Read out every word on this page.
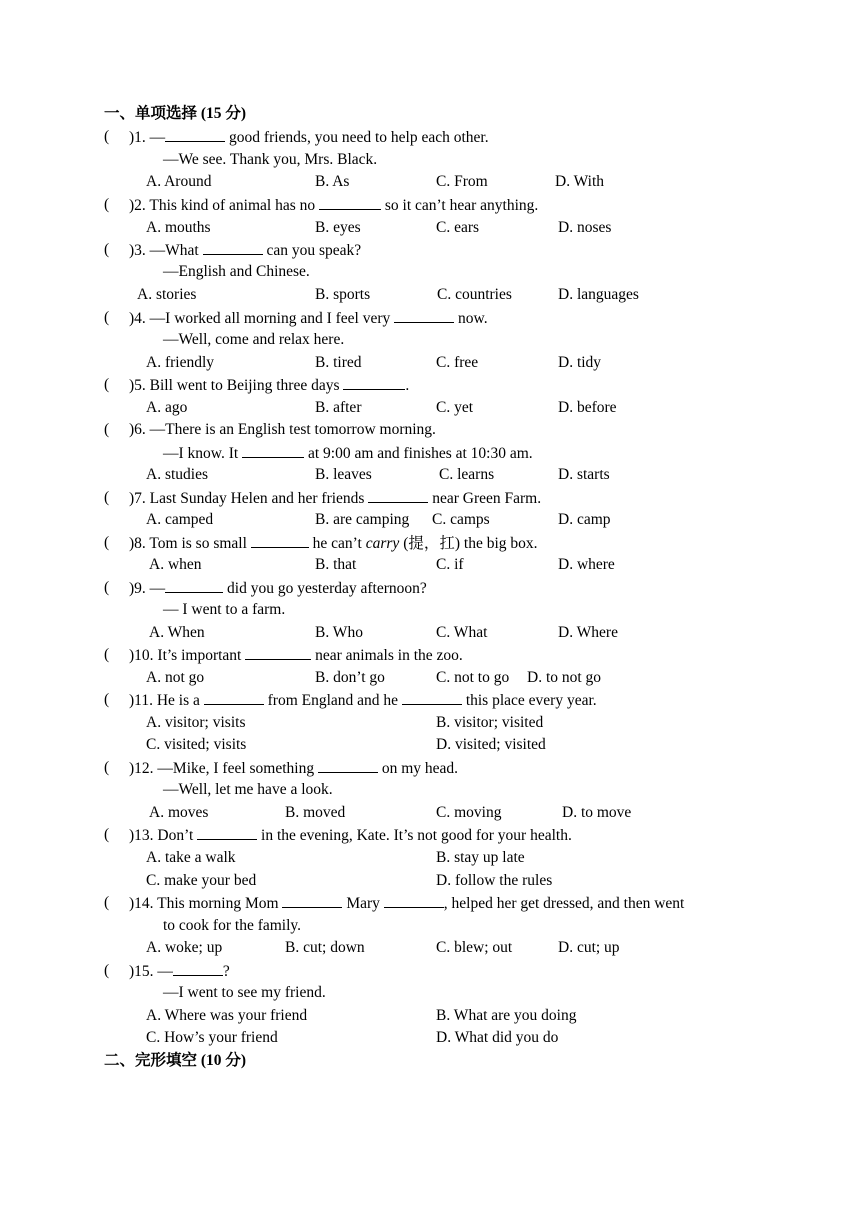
一、单项选择 (15 分)
( )1. —	good friends, you need to help each other.
—We see. Thank you, Mrs. Black.
A. Around	B. As	C. From	D. With
( )2. This kind of animal has no	so it can’t hear anything.
A. mouths	B. eyes	C. ears	D. noses
( )3. —What	can you speak?
—English and Chinese.
A. stories	B. sports	C. countries	D. languages
( )4. —I worked all morning and I feel very	now.
—Well, come and relax here.
A. friendly	B. tired	C. free	D. tidy
( )5. Bill went to Beijing three days	.
A. ago	B. after	C. yet	D. before
( )6. —There is an English test tomorrow morning.
—I know. It	at 9:00 am and finishes at 10:30 am.
A. studies	B. leaves	C. learns	D. starts
( )7. Last Sunday Helen and her friends	near Green Farm.
A. camped	B. are camping C. camps	D. camp
( )8. Tom is so small	he can’t carry (提，扛) the big box.
A. when	B. that	C. if	D. where
( )9. —	did you go yesterday afternoon?
— I went to a farm.
A. When	B. Who	C. What	D. Where
( )10. It’s important	near animals in the zoo.
A. not go	B. don’t go	C. not to go D. to not go
( )11. He is a	from England and he	this place every year.
A. visitor; visits	B. visitor; visited
C. visited; visits	D. visited; visited
( )12. —Mike, I feel something	on my head.
—Well, let me have a look.
A. moves	B. moved	C. moving	D. to move
( )13. Don’t	in the evening, Kate. It’s not good for your health.
A. take a walk	B. stay up late
C. make your bed	D. follow the rules
( )14. This morning Mom	Mary	, helped her get dressed, and then went
to cook for the family.
A. woke; up	B. cut; down	C. blew; out	D. cut; up
( )15. —	?
—I went to see my friend.
A. Where was your friend	B. What are you doing
C. How’s your friend	D. What did you do
二、完形填空 (10 分)
